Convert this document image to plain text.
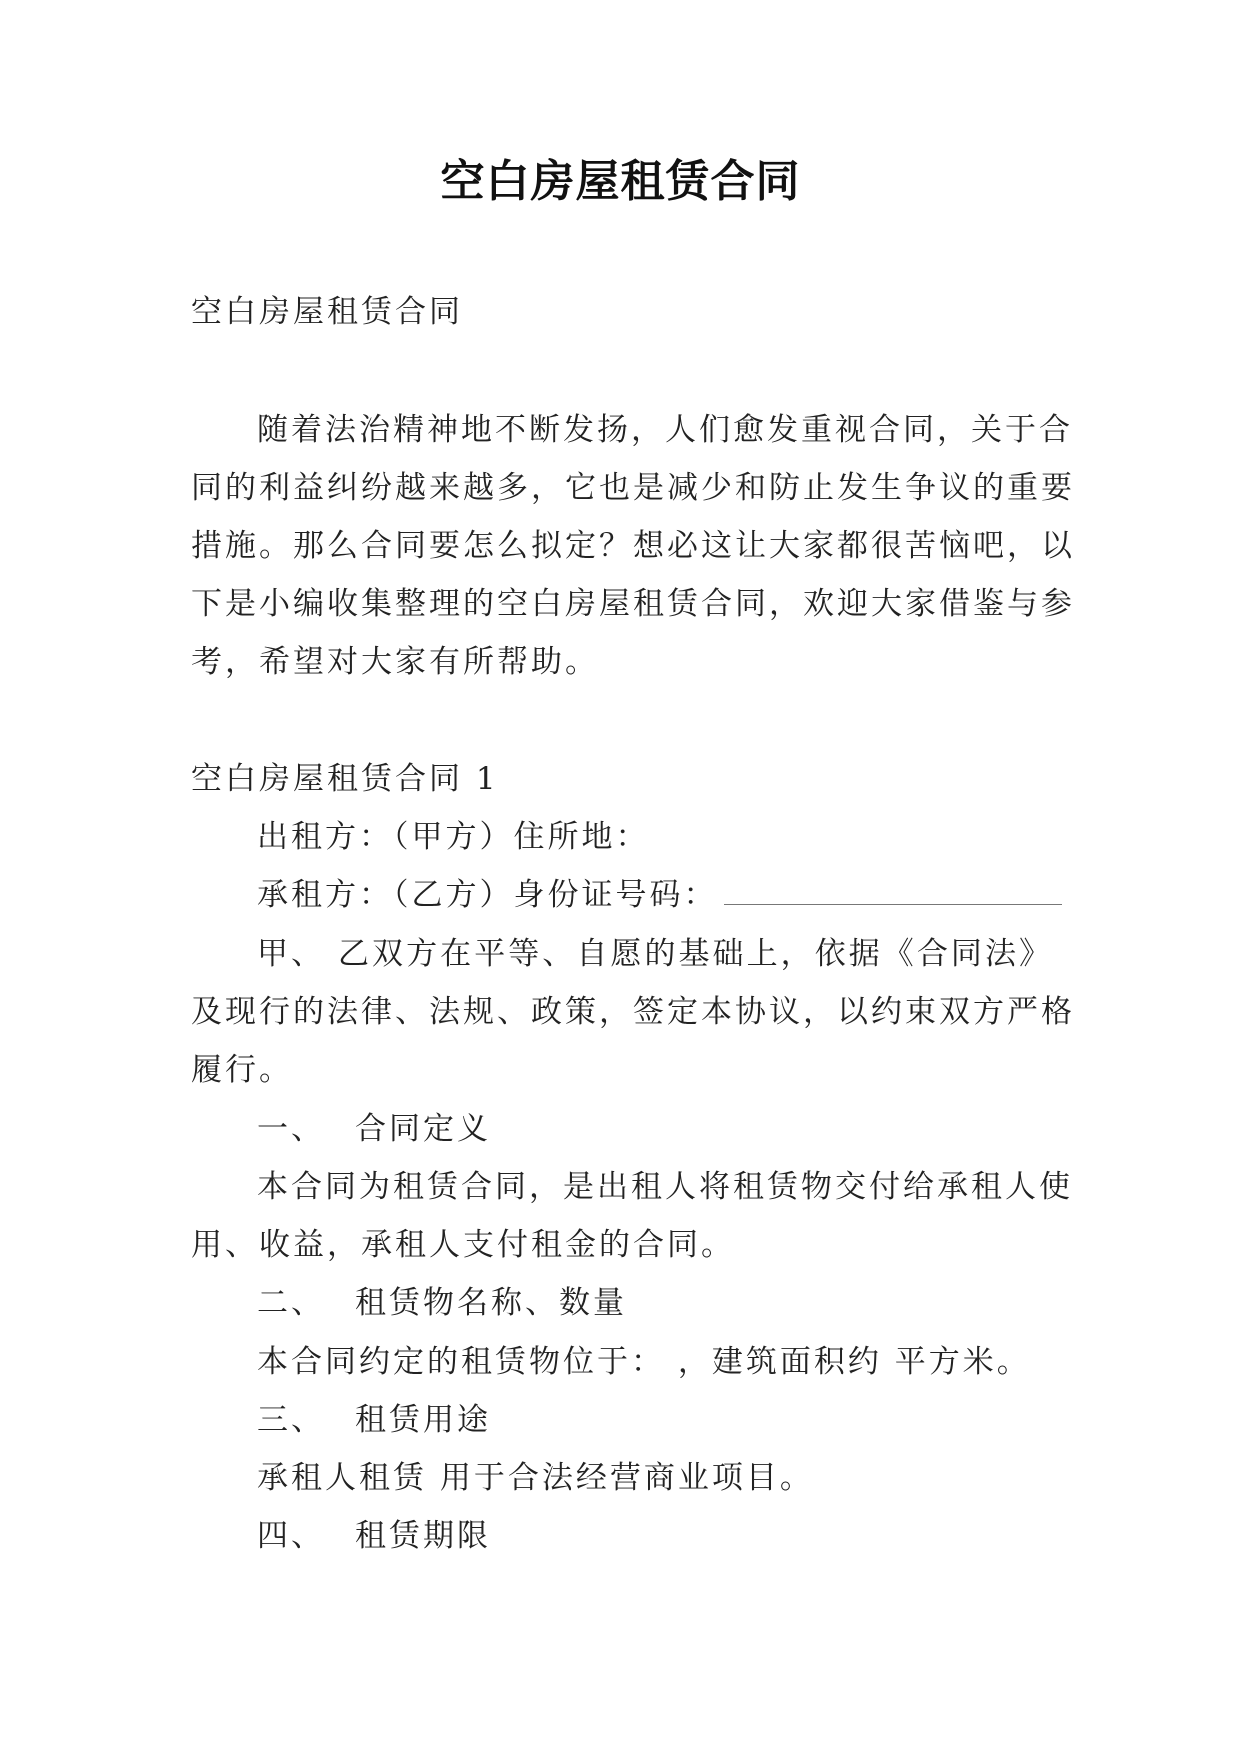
空白房屋租赁合同
空白房屋租赁合同
随着法治精神地不断发扬，人们愈发重视合同，关于合
同的利益纠纷越来越多，它也是减少和防止发生争议的重要
措施。那么合同要怎么拟定？想必这让大家都很苦恼吧，以
下是小编收集整理的空白房屋租赁合同，欢迎大家借鉴与参
考，希望对大家有所帮助。
空白房屋租赁合同 1
出租方：（甲方）住所地：
承租方：（乙方）身份证号码：
甲、 乙双方在平等、自愿的基础上，依据《合同法》
及现行的法律、法规、政策，签定本协议，以约束双方严格
履行。
一、 合同定义
本合同为租赁合同，是出租人将租赁物交付给承租人使
用、收益，承租人支付租金的合同。
二、 租赁物名称、数量
本合同约定的租赁物位于： ，建筑面积约 平方米。
三、 租赁用途
承租人租赁 用于合法经营商业项目。
四、 租赁期限
